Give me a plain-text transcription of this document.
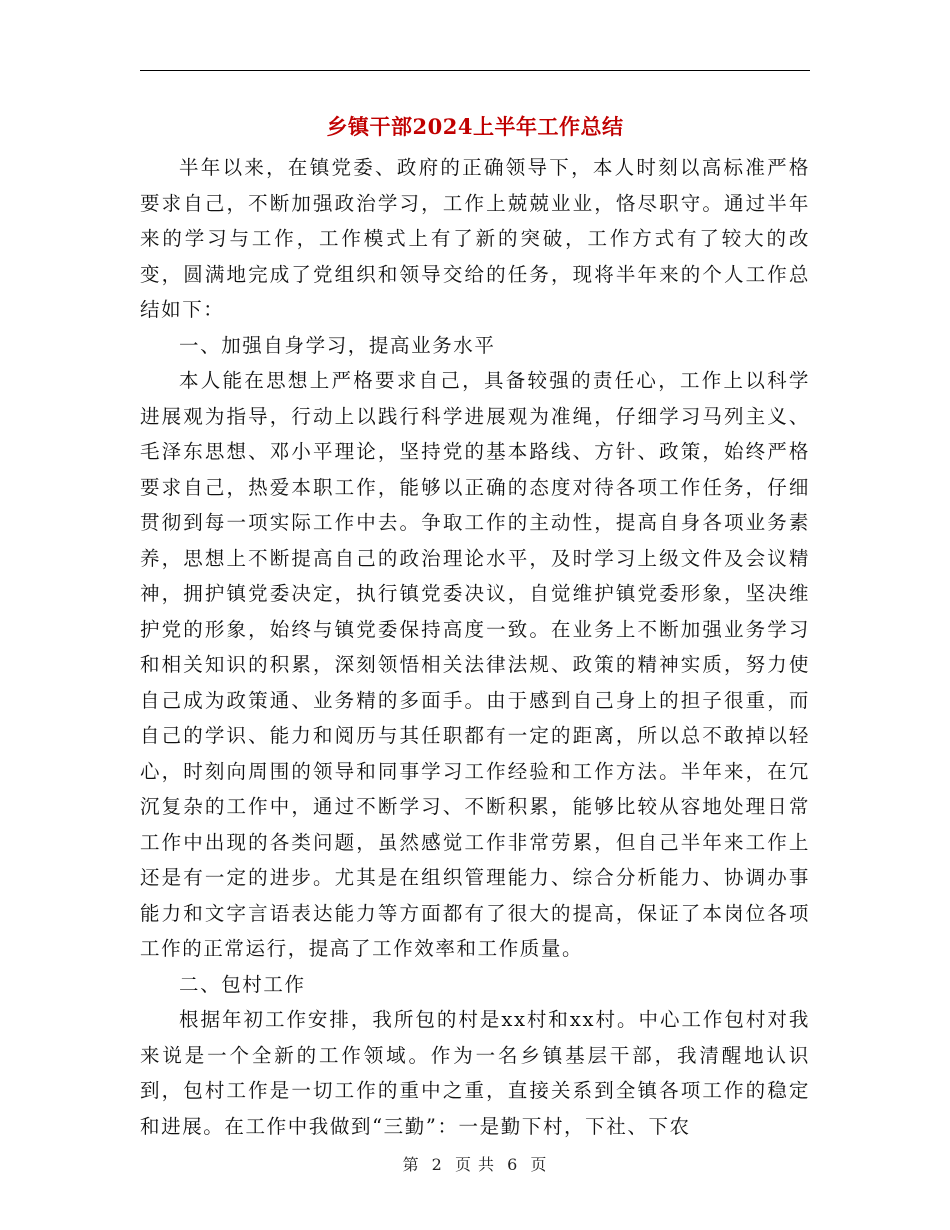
乡镇干部2024上半年工作总结

半年以来，在镇党委、政府的正确领导下，本人时刻以高标准严格要求自己，不断加强政治学习，工作上兢兢业业，恪尽职守。通过半年来的学习与工作，工作模式上有了新的突破，工作方式有了较大的改变，圆满地完成了党组织和领导交给的任务，现将半年来的个人工作总结如下：

一、加强自身学习，提高业务水平

本人能在思想上严格要求自己，具备较强的责任心，工作上以科学进展观为指导，行动上以践行科学进展观为准绳，仔细学习马列主义、毛泽东思想、邓小平理论，坚持党的基本路线、方针、政策，始终严格要求自己，热爱本职工作，能够以正确的态度对待各项工作任务，仔细贯彻到每一项实际工作中去。争取工作的主动性，提高自身各项业务素养，思想上不断提高自己的政治理论水平，及时学习上级文件及会议精神，拥护镇党委决定，执行镇党委决议，自觉维护镇党委形象，坚决维护党的形象，始终与镇党委保持高度一致。在业务上不断加强业务学习和相关知识的积累，深刻领悟相关法律法规、政策的精神实质，努力使自己成为政策通、业务精的多面手。由于感到自己身上的担子很重，而自己的学识、能力和阅历与其任职都有一定的距离，所以总不敢掉以轻心，时刻向周围的领导和同事学习工作经验和工作方法。半年来，在冗沉复杂的工作中，通过不断学习、不断积累，能够比较从容地处理日常工作中出现的各类问题，虽然感觉工作非常劳累，但自己半年来工作上还是有一定的进步。尤其是在组织管理能力、综合分析能力、协调办事能力和文字言语表达能力等方面都有了很大的提高，保证了本岗位各项工作的正常运行，提高了工作效率和工作质量。

二、包村工作

根据年初工作安排，我所包的村是xx村和xx村。中心工作包村对我来说是一个全新的工作领域。作为一名乡镇基层干部，我清醒地认识到，包村工作是一切工作的重中之重，直接关系到全镇各项工作的稳定和进展。在工作中我做到“三勤”：一是勤下村，下社、下农

第 2 页 共 6 页
